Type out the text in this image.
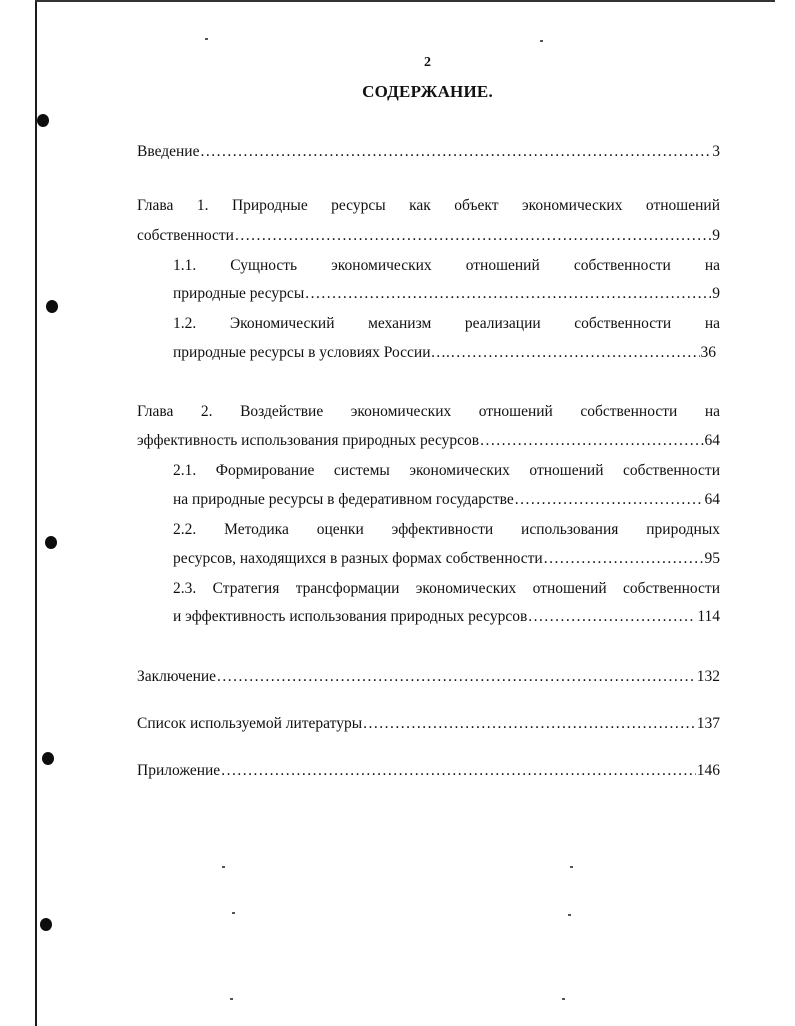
2
СОДЕРЖАНИЕ.
Введение .....	3
Глава 1. Природные ресурсы как объект экономических отношений
собственности .....	9
1.1. Сущность экономических отношений собственности на
природные ресурсы .....	9
1.2. Экономический механизм реализации собственности на
природные ресурсы в условиях России…. .....	36
Глава 2. Воздействие экономических отношений собственности на
эффективность использования природных ресурсов .....	64
2.1. Формирование системы экономических отношений собственности
на природные ресурсы в федеративном государстве .....	64
2.2. Методика оценки эффективности использования природных
ресурсов, находящихся в разных формах собственности .....	95
2.3. Стратегия трансформации экономических отношений собственности
и эффективность использования природных ресурсов .....	114
Заключение .....	132
Список используемой литературы .....	137
Приложение .....	146
